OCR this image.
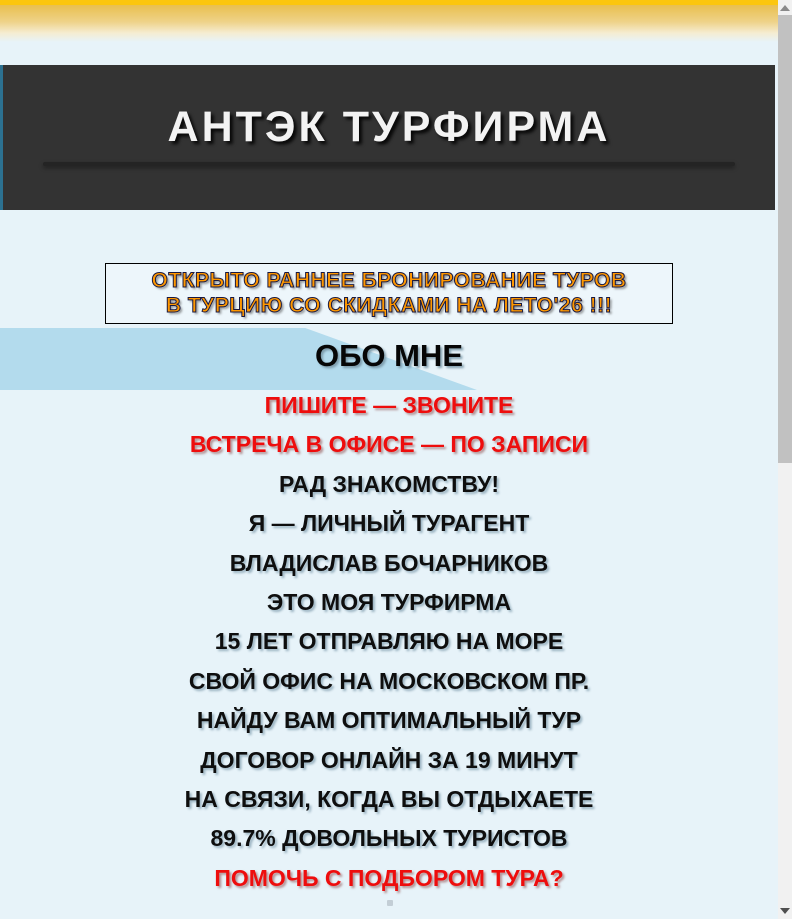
АНТЭК ТУРФИРМА
ОТКРЫТО РАННЕЕ БРОНИРОВАНИЕ ТУРОВ
В ТУРЦИЮ СО СКИДКАМИ НА ЛЕТО'26 !!!
ОБО МНЕ
ПИШИТЕ — ЗВОНИТЕ
ВСТРЕЧА В ОФИСЕ — ПО ЗАПИСИ
РАД ЗНАКОМСТВУ!
Я — ЛИЧНЫЙ ТУРАГЕНТ
ВЛАДИСЛАВ БОЧАРНИКОВ
ЭТО МОЯ ТУРФИРМА
15 ЛЕТ ОТПРАВЛЯЮ НА МОРЕ
СВОЙ ОФИС НА МОСКОВСКОМ ПР.
НАЙДУ ВАМ ОПТИМАЛЬНЫЙ ТУР
ДОГОВОР ОНЛАЙН ЗА 19 МИНУТ
НА СВЯЗИ, КОГДА ВЫ ОТДЫХАЕТЕ
89.7% ДОВОЛЬНЫХ ТУРИСТОВ
ПОМОЧЬ С ПОДБОРОМ ТУРА?
